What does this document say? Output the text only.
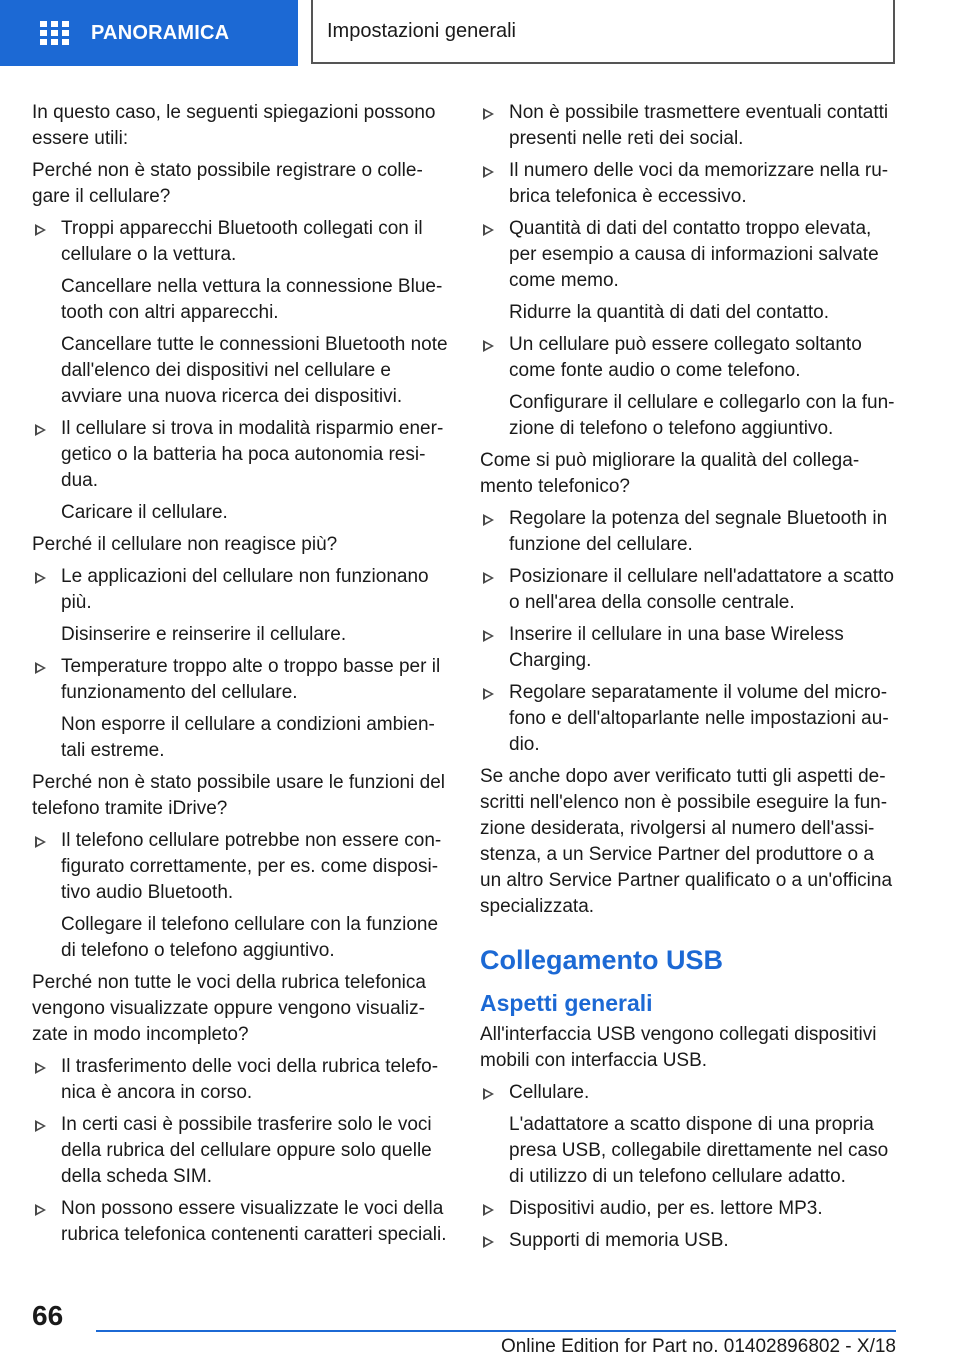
PANORAMICA	Impostazioni generali

In questo caso, le seguenti spiegazioni possono essere utili:

Perché non è stato possibile registrare o collegare il cellulare?

Troppi apparecchi Bluetooth collegati con il cellulare o la vettura.

Cancellare nella vettura la connessione Bluetooth con altri apparecchi.

Cancellare tutte le connessioni Bluetooth note dall'elenco dei dispositivi nel cellulare e avviare una nuova ricerca dei dispositivi.

Il cellulare si trova in modalità risparmio energetico o la batteria ha poca autonomia residua.

Caricare il cellulare.

Perché il cellulare non reagisce più?

Le applicazioni del cellulare non funzionano più.

Disinserire e reinserire il cellulare.

Temperature troppo alte o troppo basse per il funzionamento del cellulare.

Non esporre il cellulare a condizioni ambientali estreme.

Perché non è stato possibile usare le funzioni del telefono tramite iDrive?

Il telefono cellulare potrebbe non essere configurato correttamente, per es. come dispositivo audio Bluetooth.

Collegare il telefono cellulare con la funzione di telefono o telefono aggiuntivo.

Perché non tutte le voci della rubrica telefonica vengono visualizzate oppure vengono visualizzate in modo incompleto?

Il trasferimento delle voci della rubrica telefonica è ancora in corso.

In certi casi è possibile trasferire solo le voci della rubrica del cellulare oppure solo quelle della scheda SIM.

Non possono essere visualizzate le voci della rubrica telefonica contenenti caratteri speciali.

Non è possibile trasmettere eventuali contatti presenti nelle reti dei social.

Il numero delle voci da memorizzare nella rubrica telefonica è eccessivo.

Quantità di dati del contatto troppo elevata, per esempio a causa di informazioni salvate come memo.

Ridurre la quantità di dati del contatto.

Un cellulare può essere collegato soltanto come fonte audio o come telefono.

Configurare il cellulare e collegarlo con la funzione di telefono o telefono aggiuntivo.

Come si può migliorare la qualità del collegamento telefonico?

Regolare la potenza del segnale Bluetooth in funzione del cellulare.

Posizionare il cellulare nell'adattatore a scatto o nell'area della consolle centrale.

Inserire il cellulare in una base Wireless Charging.

Regolare separatamente il volume del microfono e dell'altoparlante nelle impostazioni audio.

Se anche dopo aver verificato tutti gli aspetti descritti nell'elenco non è possibile eseguire la funzione desiderata, rivolgersi al numero dell'assistenza, a un Service Partner del produttore o a un altro Service Partner qualificato o a un'officina specializzata.

Collegamento USB
Aspetti generali

All'interfaccia USB vengono collegati dispositivi mobili con interfaccia USB.

Cellulare.

L'adattatore a scatto dispone di una propria presa USB, collegabile direttamente nel caso di utilizzo di un telefono cellulare adatto.

Dispositivi audio, per es. lettore MP3.

Supporti di memoria USB.

66
Online Edition for Part no. 01402896802 - X/18
